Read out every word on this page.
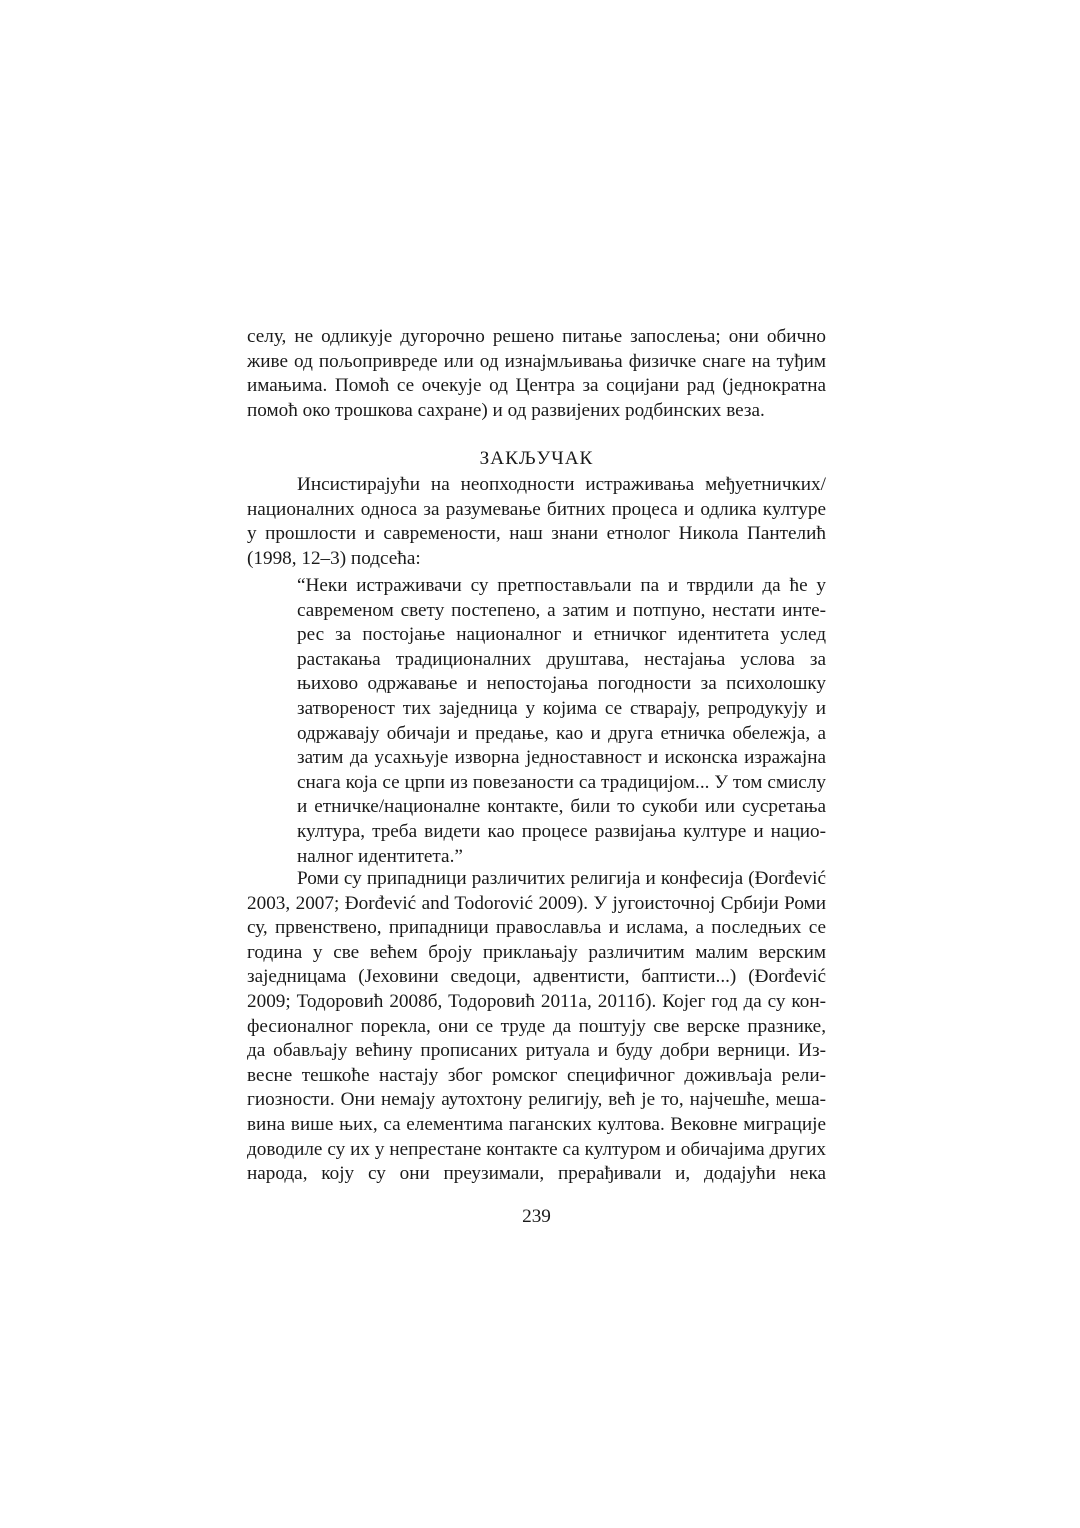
селу, не одликује дугорочно решено питање запослења; они обично
живе од пољопривреде или од изнајмљивања физичке снаге на туђим
имањима. Помоћ се очекује од Центра за социјани рад (једнократна
помоћ око трошкова сахране) и од развијених родбинских веза.
ЗАКЉУЧАК
Инсистирајући на неопходности истраживања међуетничких/
националних односа за разумевање битних процеса и одлика културе
у прошлости и савремености, наш знани етнолог Никола Пантелић
(1998, 12–3) подсећа:
“Неки истраживачи су претпостављали па и тврдили да ће у
савременом свету постепено, а затим и потпуно, нестати инте-
рес за постојање националног и етничког идентитета услед
растакања традиционалних друштава, нестајања услова за
њихово одржавање и непостојања погодности за психолошку
затвореност тих заједница у којима се стварају, репродукују и
одржавају обичаји и предање, као и друга етничка обележја, а
затим да усахњује изворна једноставност и исконска изражајна
снага која се црпи из повезаности са традицијом... У том смислу
и етничке/националне контакте, били то сукоби или сусретања
култура, треба видети као процесе развијања културе и нацио-
налног идентитета.”
Роми су припадници различитих религија и конфесија (Đorđević
2003, 2007; Đorđević and Todorović 2009). У југоисточној Србији Роми
су, првенствено, припадници православља и ислама, а последњих се
година у све већем броју приклањају различитим малим верским
заједницама (Јеховини сведоци, адвентисти, баптисти...) (Đorđević
2009; Тодоровић 2008б, Тодоровић 2011а, 2011б). Којег год да су кон-
фесионалног порекла, они се труде да поштују све верске празнике,
да обављају већину прописаних ритуала и буду добри верници. Из-
весне тешкоће настају због ромског специфичног доживљаја рели-
гиозности. Они немају аутохтону религију, већ је то, најчешће, меша-
вина више њих, са елементима паганских култова. Вековне миграције
доводиле су их у непрестане контакте са културом и обичајима других
народа, коју су они преузимали, прерађивали и, додајући нека
239
